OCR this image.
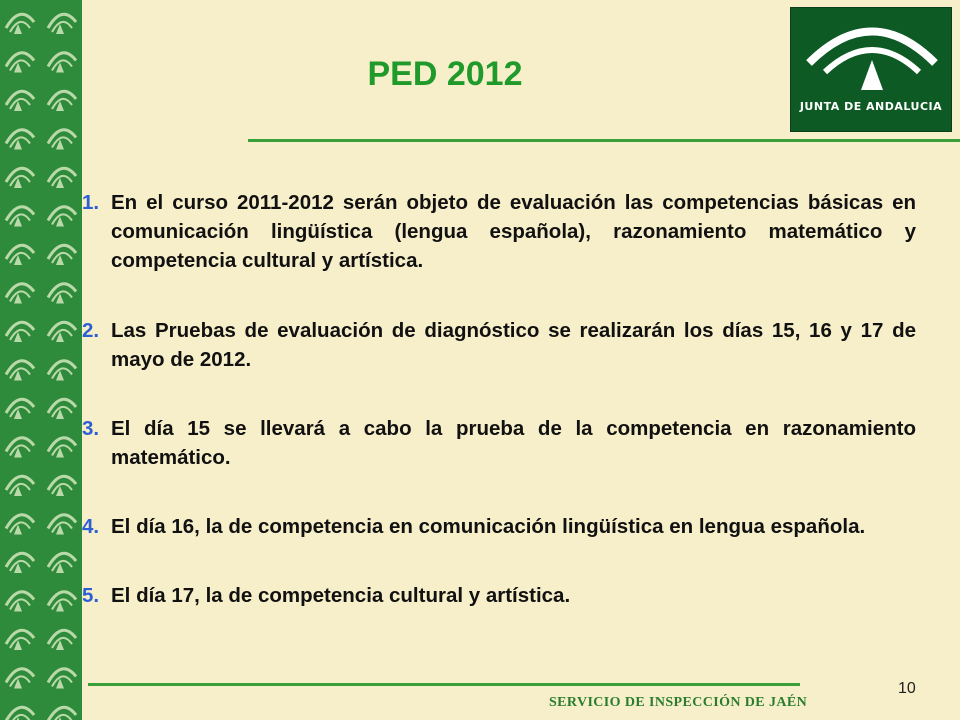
JUNTA DE ANDALUCIA
PED 2012
1. En el curso 2011-2012 serán objeto de evaluación las competencias básicas en comunicación lingüística (lengua española), razonamiento matemático y competencia cultural y artística.
2. Las Pruebas de evaluación de diagnóstico se realizarán los días 15, 16 y 17 de mayo de 2012.
3. El día 15 se llevará a cabo la prueba de la competencia en razonamiento matemático.
4. El día 16, la de competencia en comunicación lingüística en lengua española.
5. El día 17, la de competencia cultural y artística.
SERVICIO DE INSPECCIÓN DE JAÉN
10
